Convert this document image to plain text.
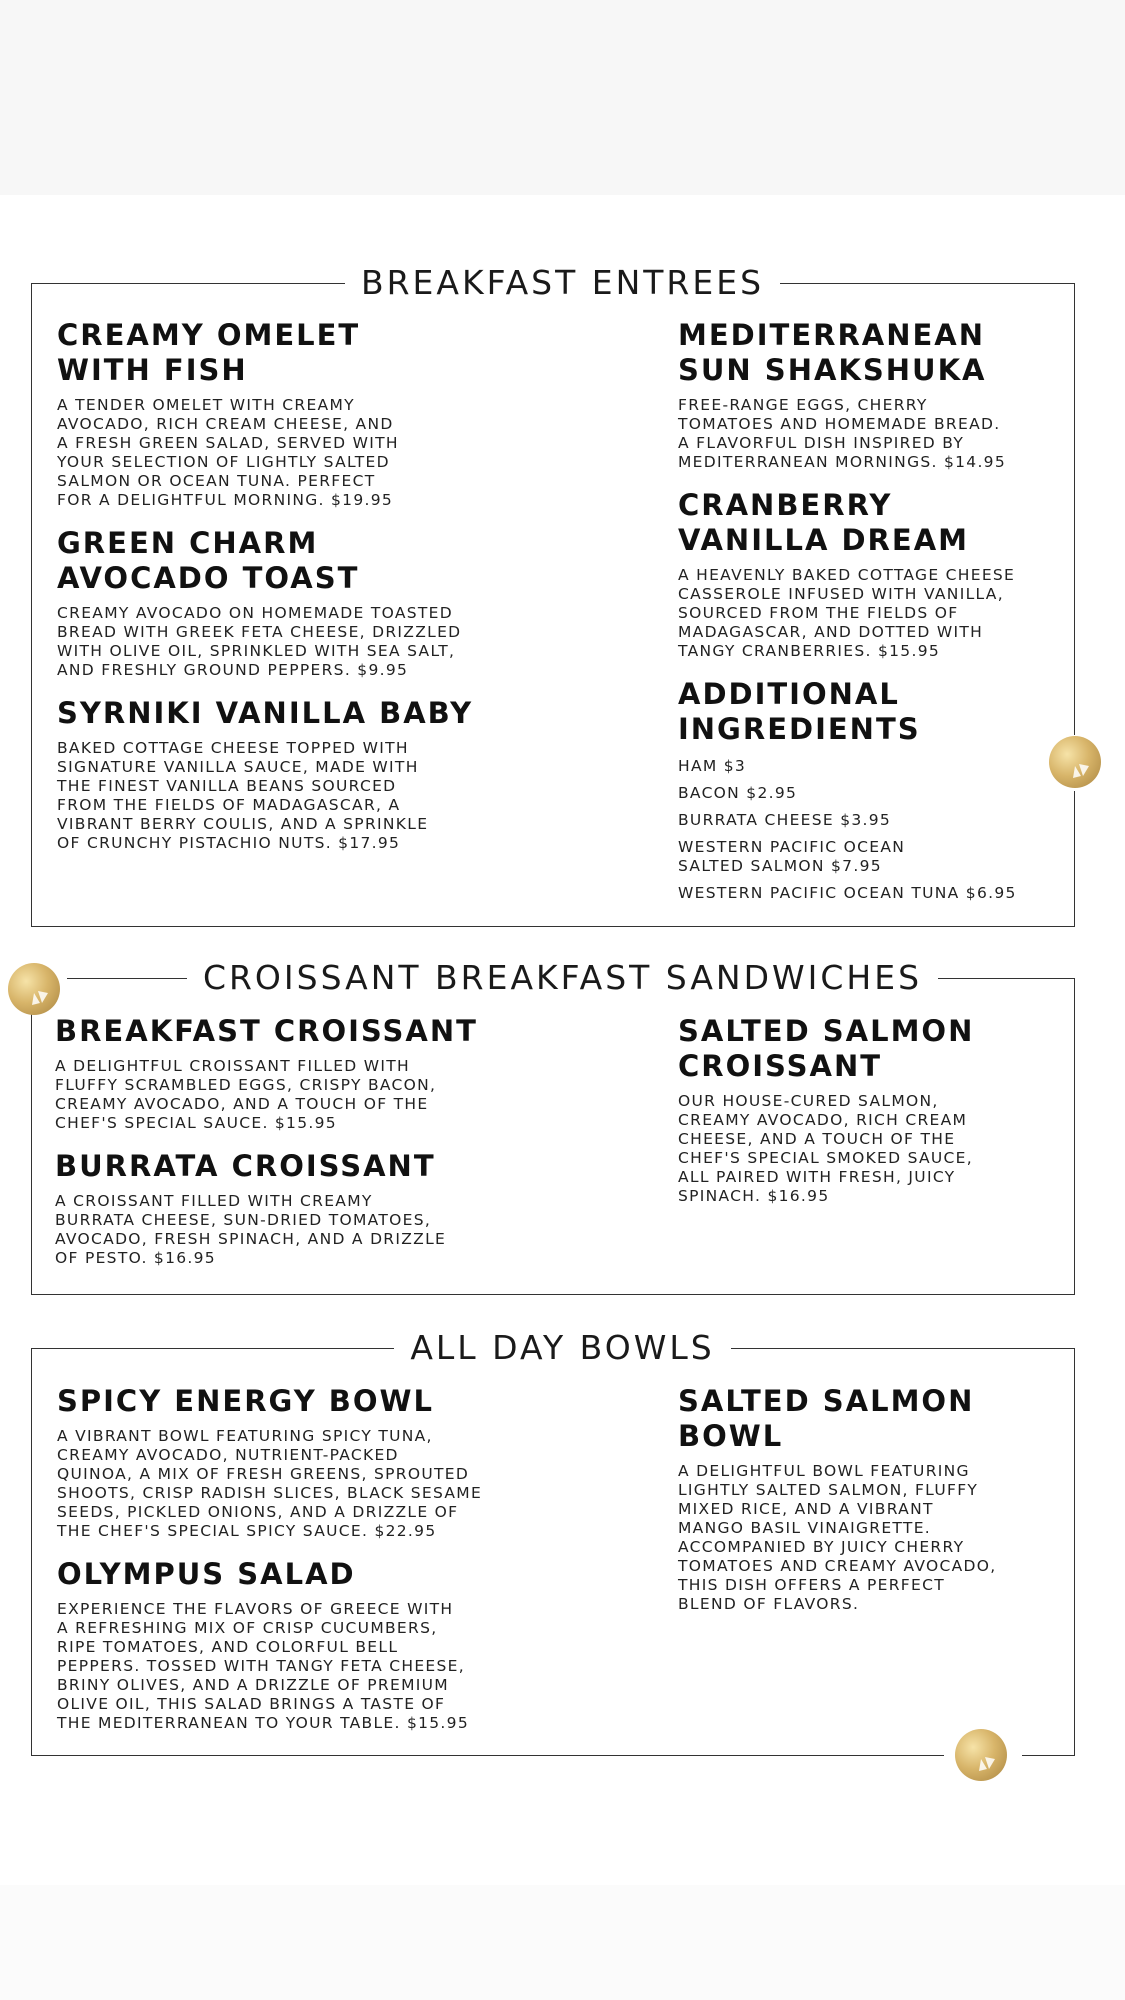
BREAKFAST ENTREES

CREAMY OMELET
WITH FISH

A TENDER OMELET WITH CREAMY
AVOCADO, RICH CREAM CHEESE, AND
A FRESH GREEN SALAD, SERVED WITH
YOUR SELECTION OF LIGHTLY SALTED
SALMON OR OCEAN TUNA. PERFECT
FOR A DELIGHTFUL MORNING. $19.95

GREEN CHARM
AVOCADO TOAST

CREAMY AVOCADO ON HOMEMADE TOASTED
BREAD WITH GREEK FETA CHEESE, DRIZZLED
WITH OLIVE OIL, SPRINKLED WITH SEA SALT,
AND FRESHLY GROUND PEPPERS. $9.95

SYRNIKI VANILLA BABY

BAKED COTTAGE CHEESE TOPPED WITH
SIGNATURE VANILLA SAUCE, MADE WITH
THE FINEST VANILLA BEANS SOURCED
FROM THE FIELDS OF MADAGASCAR, A
VIBRANT BERRY COULIS, AND A SPRINKLE
OF CRUNCHY PISTACHIO NUTS. $17.95

MEDITERRANEAN
SUN SHAKSHUKA

FREE-RANGE EGGS, CHERRY
TOMATOES AND HOMEMADE BREAD.
A FLAVORFUL DISH INSPIRED BY
MEDITERRANEAN MORNINGS. $14.95

CRANBERRY
VANILLA DREAM

A HEAVENLY BAKED COTTAGE CHEESE
CASSEROLE INFUSED WITH VANILLA,
SOURCED FROM THE FIELDS OF
MADAGASCAR, AND DOTTED WITH
TANGY CRANBERRIES. $15.95

ADDITIONAL
INGREDIENTS

HAM $3

BACON $2.95

BURRATA CHEESE $3.95

WESTERN PACIFIC OCEAN
SALTED SALMON $7.95

WESTERN PACIFIC OCEAN TUNA $6.95

CROISSANT BREAKFAST SANDWICHES

BREAKFAST CROISSANT

A DELIGHTFUL CROISSANT FILLED WITH
FLUFFY SCRAMBLED EGGS, CRISPY BACON,
CREAMY AVOCADO, AND A TOUCH OF THE
CHEF'S SPECIAL SAUCE. $15.95

BURRATA CROISSANT

A CROISSANT FILLED WITH CREAMY
BURRATA CHEESE, SUN-DRIED TOMATOES,
AVOCADO, FRESH SPINACH, AND A DRIZZLE
OF PESTO. $16.95

SALTED SALMON
CROISSANT

OUR HOUSE-CURED SALMON,
CREAMY AVOCADO, RICH CREAM
CHEESE, AND A TOUCH OF THE
CHEF'S SPECIAL SMOKED SAUCE,
ALL PAIRED WITH FRESH, JUICY
SPINACH. $16.95

ALL DAY BOWLS

SPICY ENERGY BOWL

A VIBRANT BOWL FEATURING SPICY TUNA,
CREAMY AVOCADO, NUTRIENT-PACKED
QUINOA, A MIX OF FRESH GREENS, SPROUTED
SHOOTS, CRISP RADISH SLICES, BLACK SESAME
SEEDS, PICKLED ONIONS, AND A DRIZZLE OF
THE CHEF'S SPECIAL SPICY SAUCE. $22.95

OLYMPUS SALAD

EXPERIENCE THE FLAVORS OF GREECE WITH
A REFRESHING MIX OF CRISP CUCUMBERS,
RIPE TOMATOES, AND COLORFUL BELL
PEPPERS. TOSSED WITH TANGY FETA CHEESE,
BRINY OLIVES, AND A DRIZZLE OF PREMIUM
OLIVE OIL, THIS SALAD BRINGS A TASTE OF
THE MEDITERRANEAN TO YOUR TABLE. $15.95

SALTED SALMON
BOWL

A DELIGHTFUL BOWL FEATURING
LIGHTLY SALTED SALMON, FLUFFY
MIXED RICE, AND A VIBRANT
MANGO BASIL VINAIGRETTE.
ACCOMPANIED BY JUICY CHERRY
TOMATOES AND CREAMY AVOCADO,
THIS DISH OFFERS A PERFECT
BLEND OF FLAVORS.
